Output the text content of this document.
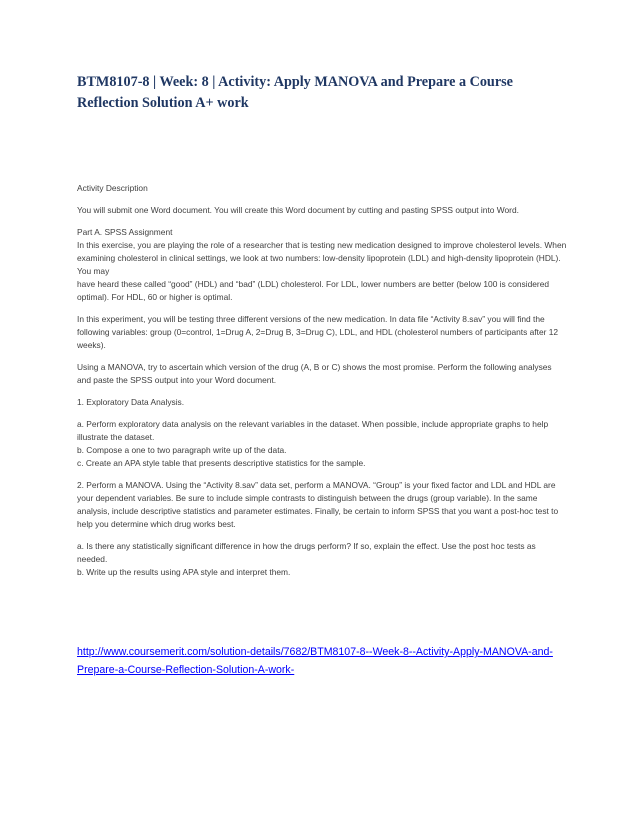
BTM8107-8 | Week: 8 | Activity: Apply MANOVA and Prepare a Course Reflection Solution A+ work

Activity Description

You will submit one Word document. You will create this Word document by cutting and pasting SPSS output into Word.

Part A. SPSS Assignment

In this exercise, you are playing the role of a researcher that is testing new medication designed to improve cholesterol levels. When examining cholesterol in clinical settings, we look at two numbers: low-density lipoprotein (LDL) and high-density lipoprotein (HDL). You may

have heard these called “good” (HDL) and “bad” (LDL) cholesterol. For LDL, lower numbers are better (below 100 is considered optimal). For HDL, 60 or higher is optimal.

In this experiment, you will be testing three different versions of the new medication. In data file “Activity 8.sav” you will find the following variables: group (0=control, 1=Drug A, 2=Drug B, 3=Drug C), LDL, and HDL (cholesterol numbers of participants after 12 weeks).

Using a MANOVA, try to ascertain which version of the drug (A, B or C) shows the most promise. Perform the following analyses and paste the SPSS output into your Word document.

1. Exploratory Data Analysis.

a. Perform exploratory data analysis on the relevant variables in the dataset. When possible, include appropriate graphs to help

illustrate the dataset.

b. Compose a one to two paragraph write up of the data.

c. Create an APA style table that presents descriptive statistics for the sample.

2. Perform a MANOVA. Using the “Activity 8.sav” data set, perform a MANOVA. “Group” is your fixed factor and LDL and HDL are your dependent variables. Be sure to include simple contrasts to distinguish between the drugs (group variable). In the same analysis, include descriptive statistics and parameter estimates. Finally, be certain to inform SPSS that you want a post-hoc test to help you determine which drug works best.

a. Is there any statistically significant difference in how the drugs perform? If so, explain the effect. Use the post hoc tests as needed.

b. Write up the results using APA style and interpret them.

http://www.coursemerit.com/solution-details/7682/BTM8107-8--Week-8--Activity-Apply-MANOVA-and-Prepare-a-Course-Reflection-Solution-A-work-
